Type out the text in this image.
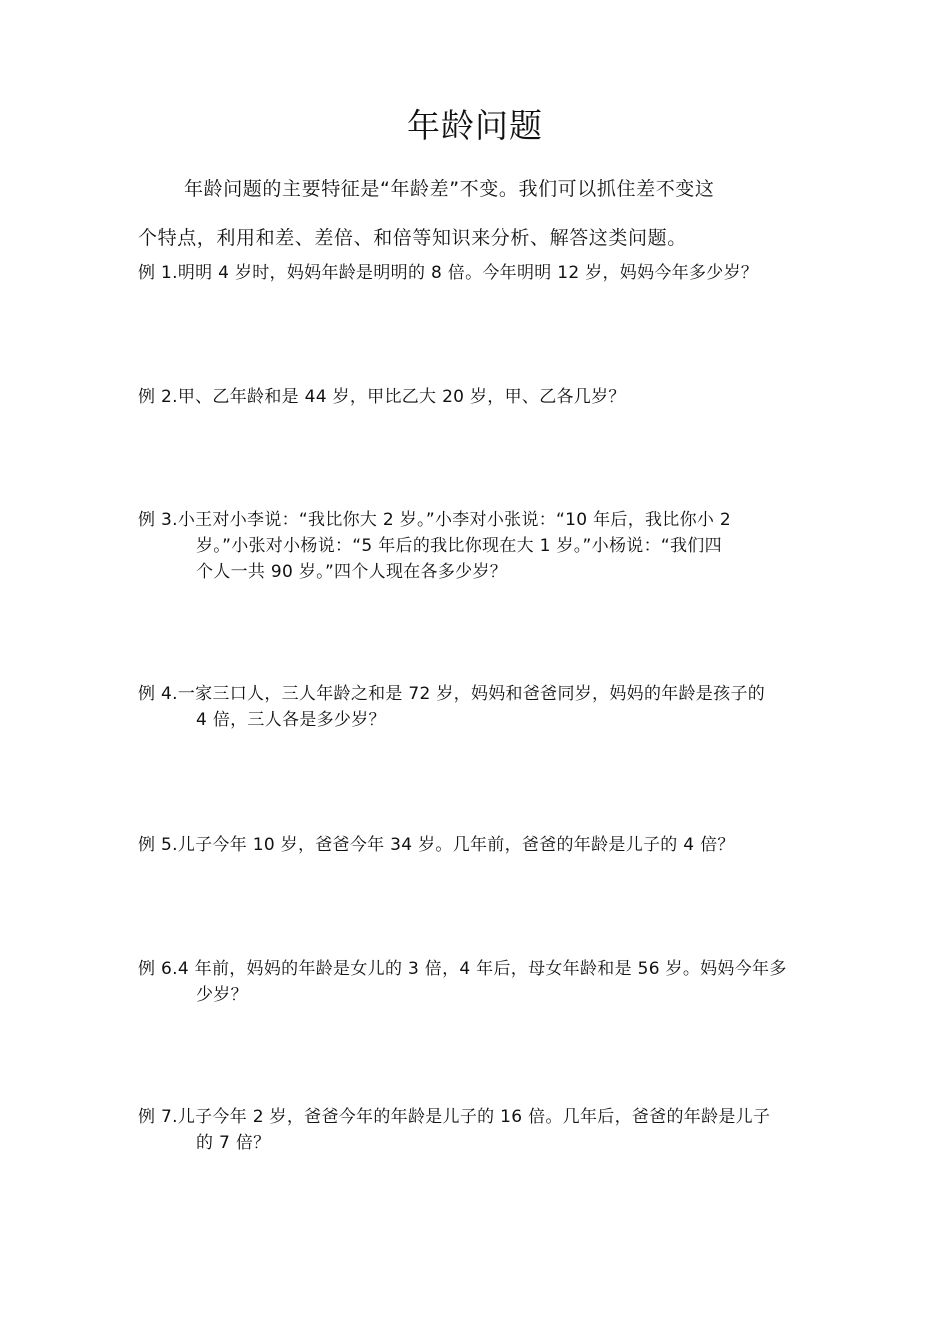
年龄问题

年龄问题的主要特征是“年龄差”不变。我们可以抓住差不变这

个特点，利用和差、差倍、和倍等知识来分析、解答这类问题。

例 1.明明 4 岁时，妈妈年龄是明明的 8 倍。今年明明 12 岁，妈妈今年多少岁？
例 2.甲、乙年龄和是 44 岁，甲比乙大 20 岁，甲、乙各几岁？
例 3.小王对小李说：“我比你大 2 岁。”小李对小张说：“10 年后，我比你小 2
岁。”小张对小杨说：“5 年后的我比你现在大 1 岁。”小杨说：“我们四
个人一共 90 岁。”四个人现在各多少岁？
例 4.一家三口人，三人年龄之和是 72 岁，妈妈和爸爸同岁，妈妈的年龄是孩子的
4 倍，三人各是多少岁？
例 5.儿子今年 10 岁，爸爸今年 34 岁。几年前，爸爸的年龄是儿子的 4 倍？
例 6.4 年前，妈妈的年龄是女儿的 3 倍，4 年后，母女年龄和是 56 岁。妈妈今年多
少岁？
例 7.儿子今年 2 岁，爸爸今年的年龄是儿子的 16 倍。几年后，爸爸的年龄是儿子
的 7 倍？
